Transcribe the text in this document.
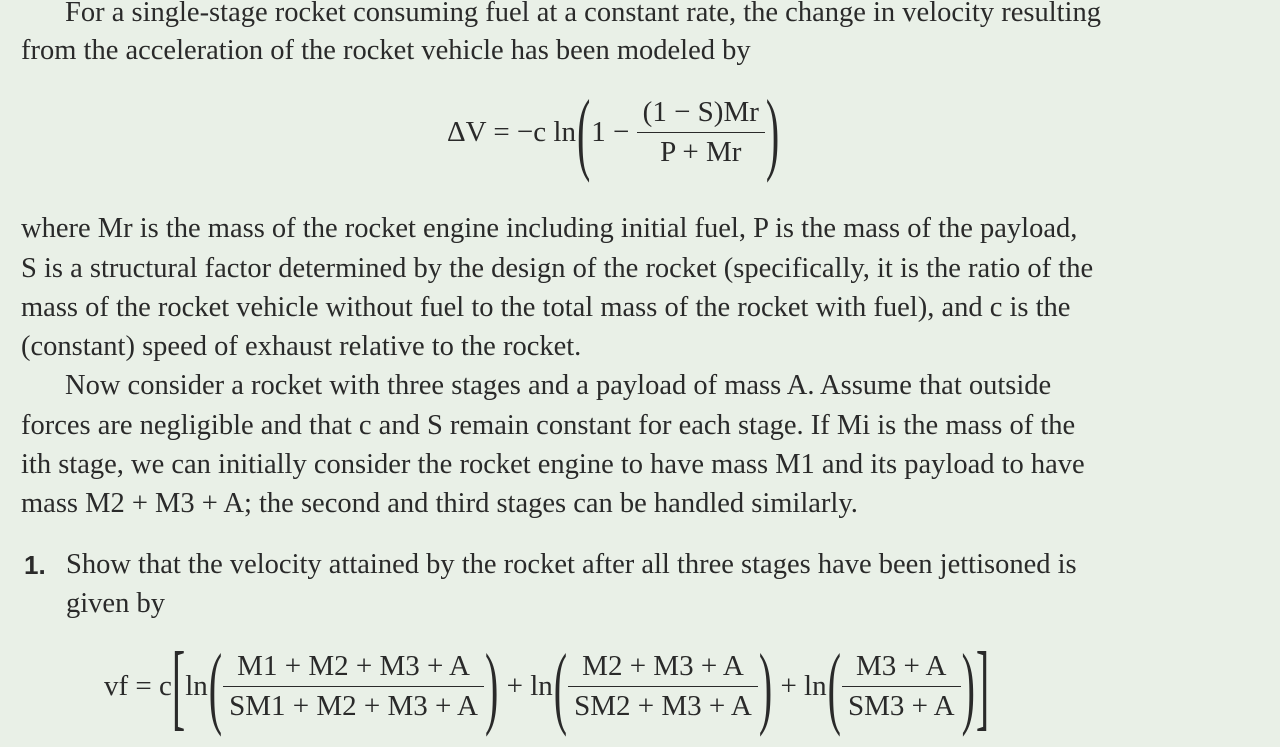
For a single-stage rocket consuming fuel at a constant rate, the change in velocity resulting
from the acceleration of the rocket vehicle has been modeled by
ΔV = −c $\ln(1 - \frac{(1 - S)Mr}{P + Mr}$ )
where Mr is the mass of the rocket engine including initial fuel, P is the mass of the payload,
S is a structural factor determined by the design of the rocket (specifically, it is the ratio of the
mass of the rocket vehicle without fuel to the total mass of the rocket with fuel), and c is the
(constant) speed of exhaust relative to the rocket.
Now consider a rocket with three stages and a payload of mass A. Assume that outside
forces are negligible and that c and S remain constant for each stage. If Mi is the mass of the
ith stage, we can initially consider the rocket engine to have mass M1 and its payload to have
mass M2 + M3 + A; the second and third stages can be handled similarly.
1. Show that the velocity attained by the rocket after all three stages have been jettisoned is
given by
vf = $c[\ln( \frac{M1 + M2 + M3 + A}{SM1 + M2 + M3 + A}$ ) + $\ln( \frac{M2 + M3 + A}{SM2 + M3 + A}$ ) + $\ln( \frac{M3 + A}{SM3 + A}$ )]
